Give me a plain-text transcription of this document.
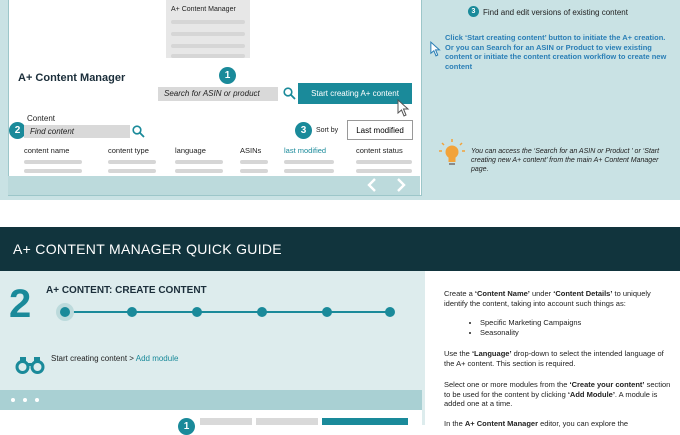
A+ Content Manager
A+ Content Manager	1
Search for ASIN or product	Start creating A+ content
Content
2	Find content	3	Sort by	Last modified
content name	content type	language	ASINs	last modified	content status
3 Find and edit versions of existing content
Click ‘Start creating content’ button to initiate the A+ creation. Or you can Search for an ASIN or Product to view existing content or initiate the content creation workflow to create new content
You can access the ‘Search for an ASIN or Product ’ or ‘Start creating new A+ content’ from the main A+ Content Manager page.
A+ CONTENT MANAGER QUICK GUIDE
2 A+ CONTENT: CREATE CONTENT
Start creating content > Add module
1
Create a ‘Content Name’ under ‘Content Details’ to uniquely identify the content, taking into account such things as:
• Specific Marketing Campaigns
• Seasonality
Use the ‘Language’ drop-down to select the intended language of the A+ content. This section is required.
Select one or more modules from the ‘Create your content’ section to be used for the content by clicking ‘Add Module’. A module is added one at a time.
In the A+ Content Manager editor, you can explore the
